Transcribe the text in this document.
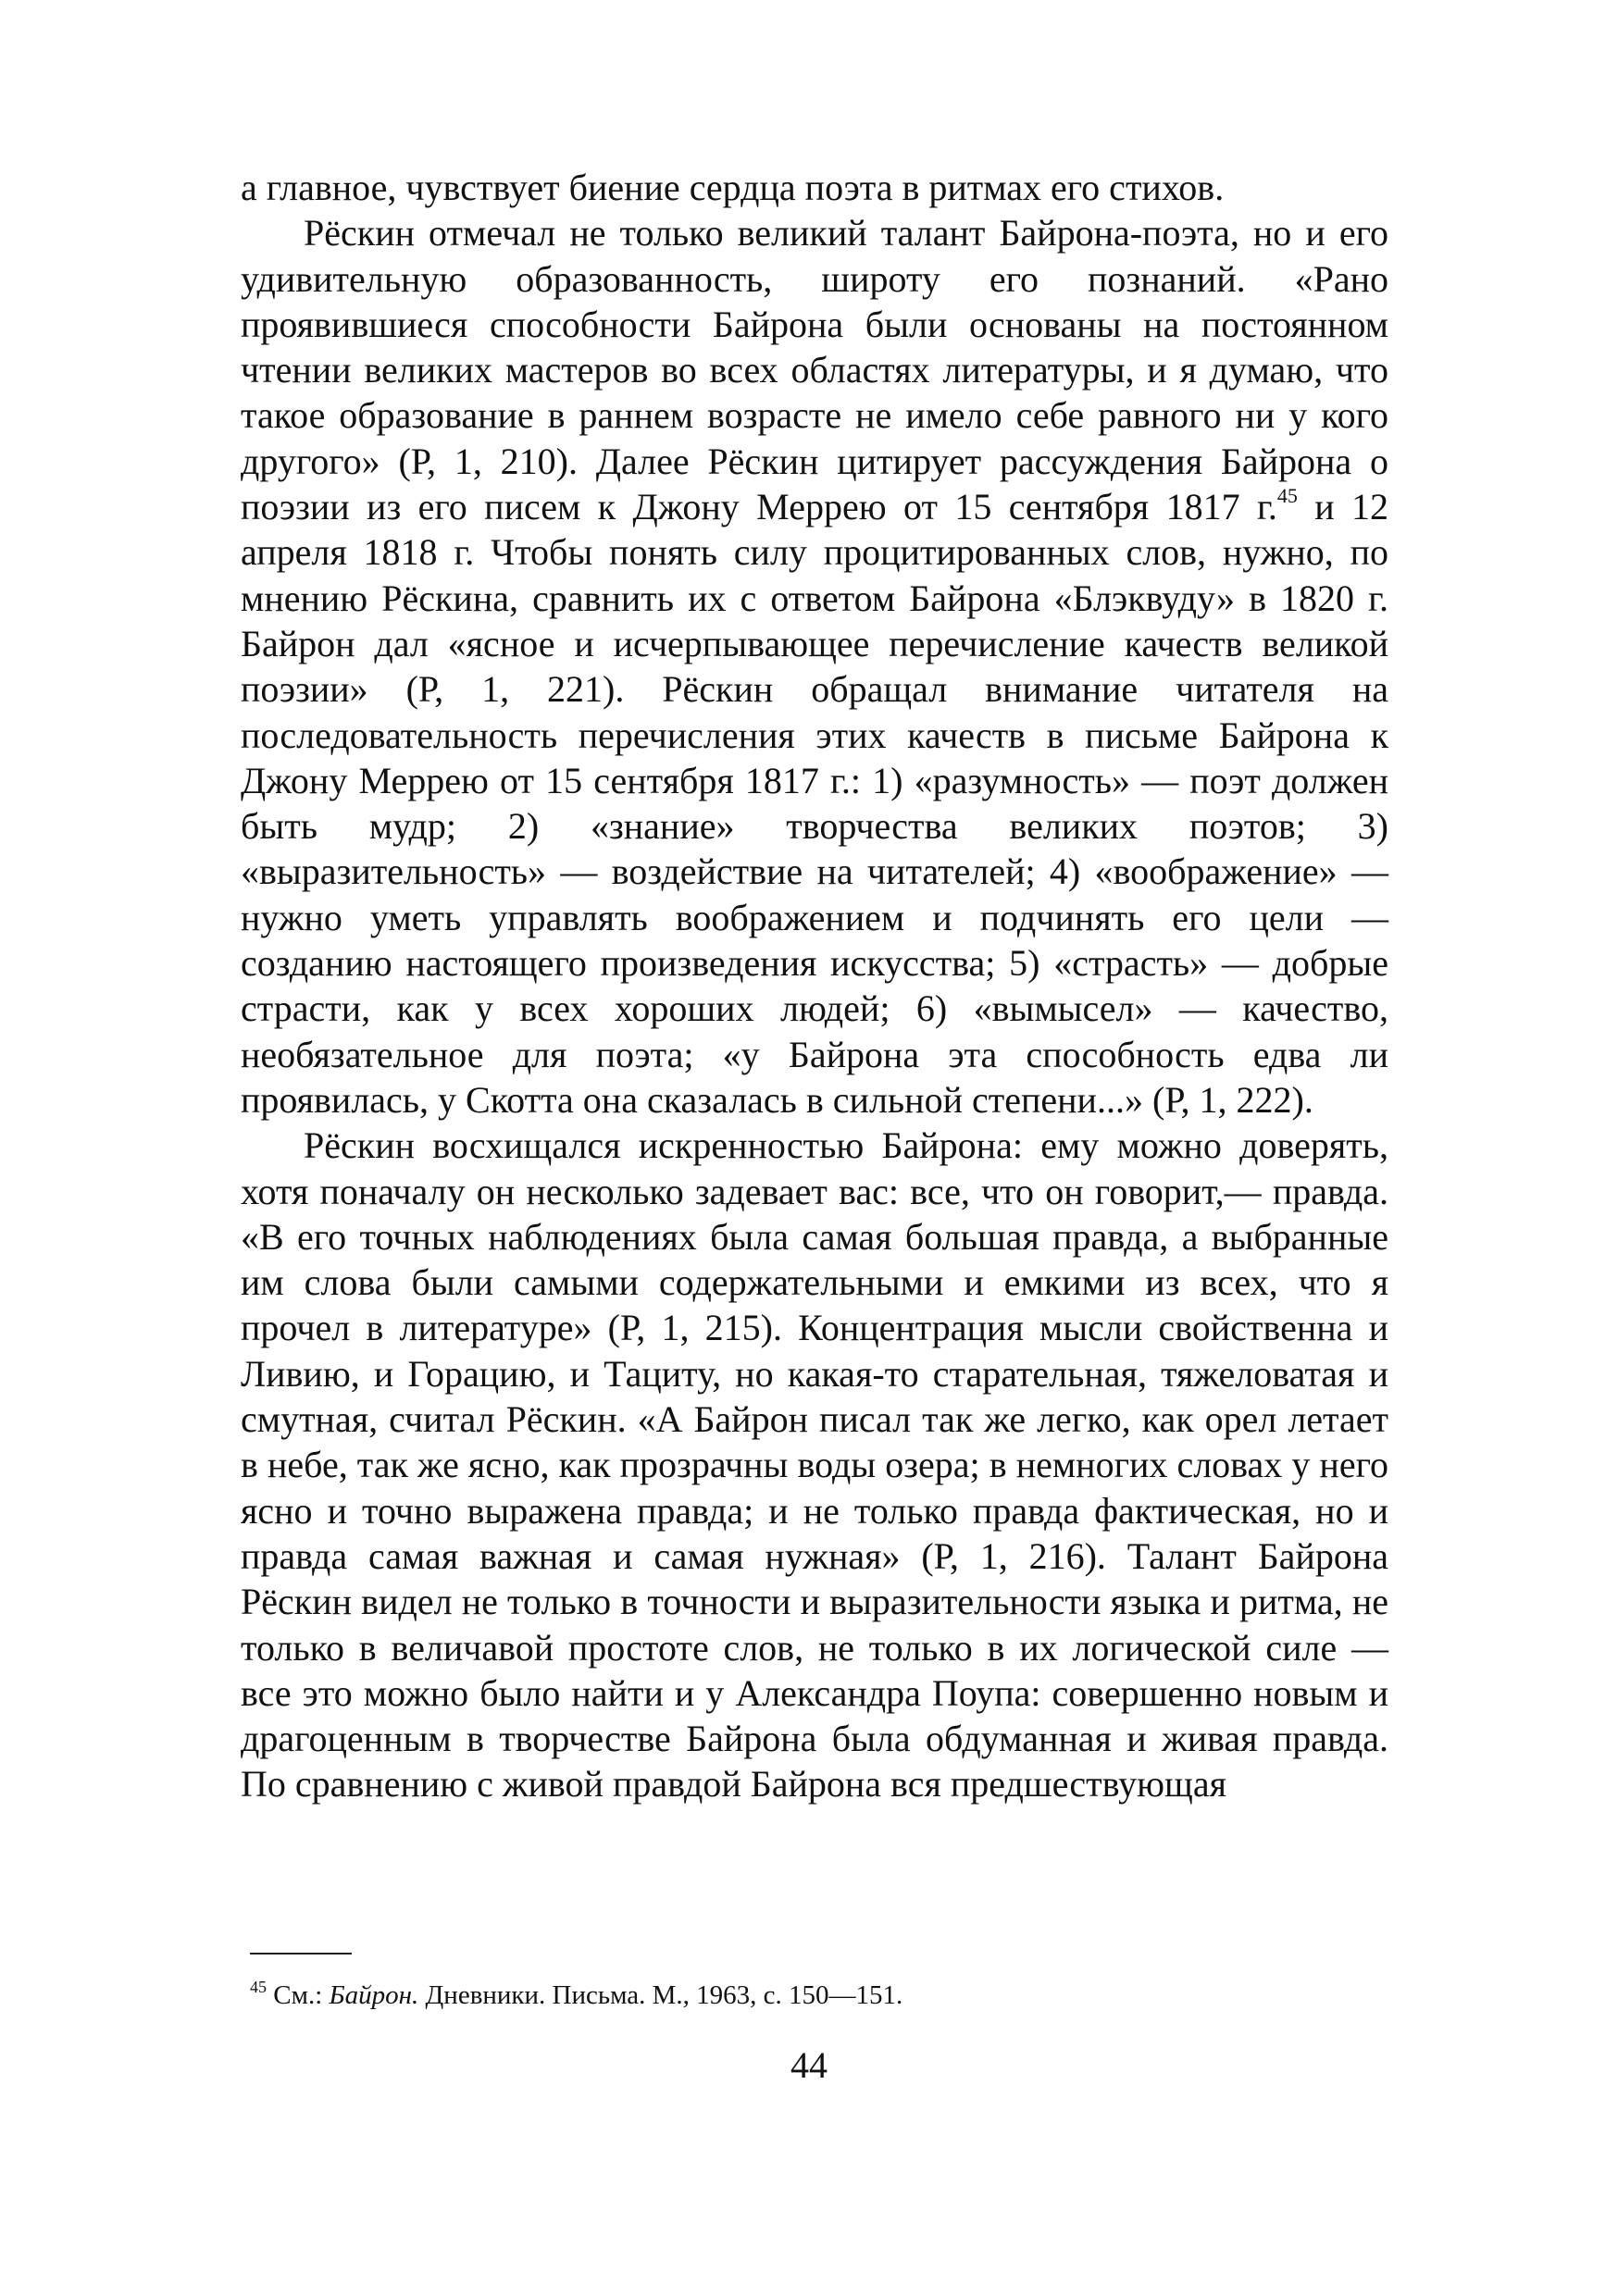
а главное, чувствует биение сердца поэта в ритмах его стихов.

Рёскин отмечал не только великий талант Байрона-поэта, но и его удивительную образованность, широту его познаний. «Рано проявившиеся способности Байрона были основаны на постоянном чтении великих мастеров во всех областях литературы, и я думаю, что такое образование в раннем возрасте не имело себе равного ни у кого другого» (Р, 1, 210). Далее Рёскин цитирует рассуждения Байрона о поэзии из его писем к Джону Меррею от 15 сентября 1817 г.$^{45}$ и 12 апреля 1818 г. Чтобы понять силу процитированных слов, нужно, по мнению Рёскина, сравнить их с ответом Байрона «Блэквуду» в 1820 г. Байрон дал «ясное и исчерпывающее перечисление качеств великой поэзии» (Р, 1, 221). Рёскин обращал внимание читателя на последовательность перечисления этих качеств в письме Байрона к Джону Меррею от 15 сентября 1817 г.: 1) «разумность» — поэт должен быть мудр; 2) «знание» творчества великих поэтов; 3) «выразительность» — воздействие на читателей; 4) «воображение» — нужно уметь управлять воображением и подчинять его цели — созданию настоящего произведения искусства; 5) «страсть» — добрые страсти, как у всех хороших людей; 6) «вымысел» — качество, необязательное для поэта; «у Байрона эта способность едва ли проявилась, у Скотта она сказалась в сильной степени...» (Р, 1, 222).

Рёскин восхищался искренностью Байрона: ему можно доверять, хотя поначалу он несколько задевает вас: все, что он говорит,— правда. «В его точных наблюдениях была самая большая правда, а выбранные им слова были самыми содержательными и емкими из всех, что я прочел в литературе» (Р, 1, 215). Концентрация мысли свойственна и Ливию, и Горацию, и Тациту, но какая-то старательная, тяжеловатая и смутная, считал Рёскин. «А Байрон писал так же легко, как орел летает в небе, так же ясно, как прозрачны воды озера; в немногих словах у него ясно и точно выражена правда; и не только правда фактическая, но и правда самая важная и самая нужная» (Р, 1, 216). Талант Байрона Рёскин видел не только в точности и выразительности языка и ритма, не только в величавой простоте слов, не только в их логической силе — все это можно было найти и у Александра Поупа: совершенно новым и драгоценным в творчестве Байрона была обдуманная и живая правда. По сравнению с живой правдой Байрона вся предшествующая

$^{45}$ См.: Байрон. Дневники. Письма. М., 1963, с. 150—151.

44
